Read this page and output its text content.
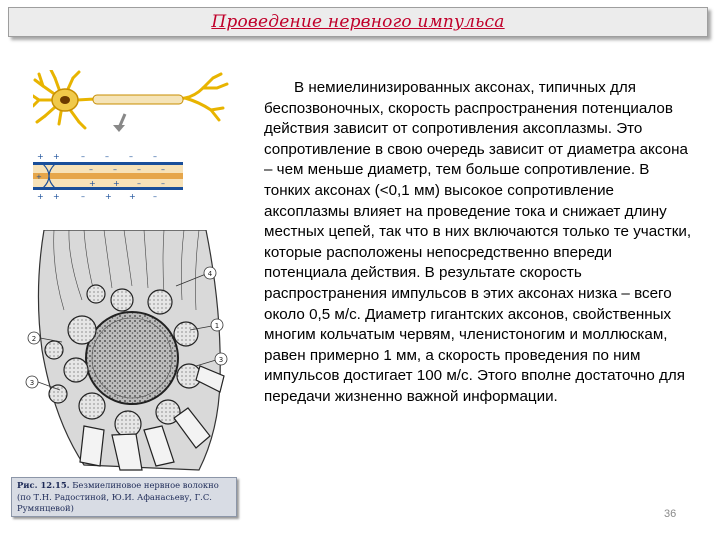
Проведение нервного импульса
+ +	–	–	–	–
+ +	–	+ + –
–	–	–	–
+ + –	–
+
4
1
3
2
3
Рис. 12.15. Безмиелиновое нервное волокно (по Т.Н. Радостиной, Ю.И. Афанасьеву, Г.С. Румянцевой)

В немиелинизированных аксонах, типичных для беспозвоночных, скорость распространения потенциалов действия зависит от сопротивления аксоплазмы. Это сопротивление в свою очередь зависит от диаметра аксона – чем меньше диаметр, тем больше сопротивление. В тонких аксонах (<0,1 мм) высокое сопротивление аксоплазмы влияет на проведение тока и снижает длину местных цепей, так что в них включаются только те участки, которые расположены непосредственно впереди потенциала действия. В результате скорость распространения импульсов в этих аксонах низка – всего около 0,5 м/с. Диаметр гигантских аксонов, свойственных многим кольчатым червям, членистоногим и моллюскам, равен примерно 1 мм, а скорость проведения по ним импульсов достигает 100 м/с. Этого вполне достаточно для передачи жизненно важной информации.

36
